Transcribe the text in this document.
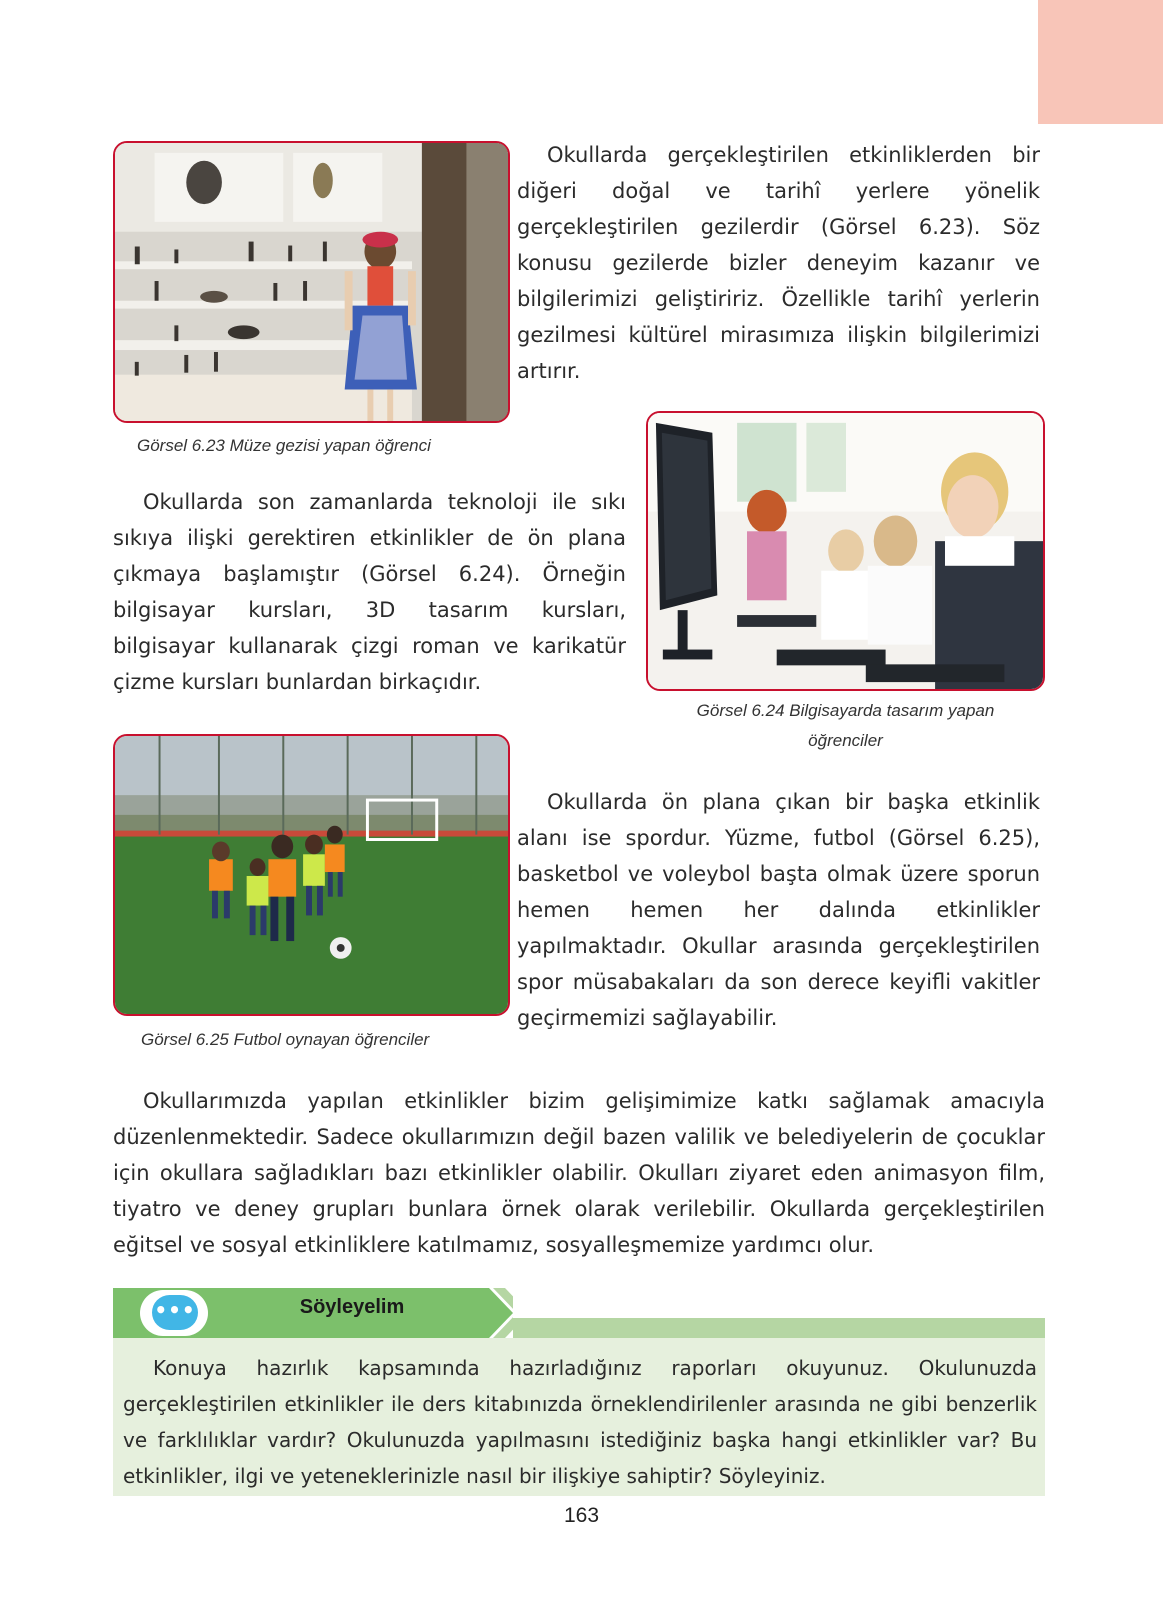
Okullarda gerçekleştirilen etkinliklerden bir diğeri doğal ve tarihî yerlere yönelik gerçekleştirilen gezilerdir (Görsel 6.23). Söz konusu gezilerde bizler deneyim kazanır ve bilgilerimizi geliştiririz. Özellikle tarihî yerlerin gezilmesi kültürel mirasımıza ilişkin bilgilerimizi artırır.

Görsel 6.23 Müze gezisi yapan öğrenci

Okullarda son zamanlarda teknoloji ile sıkı sıkıya ilişki gerektiren etkinlikler de ön plana çıkmaya başlamıştır (Görsel 6.24). Örneğin bilgisayar kursları, 3D tasarım kursları, bilgisayar kullanarak çizgi roman ve karikatür çizme kursları bunlardan birkaçıdır.

Görsel 6.24 Bilgisayarda tasarım yapan

öğrenciler

Okullarda ön plana çıkan bir başka etkinlik alanı ise spordur. Yüzme, futbol (Görsel 6.25), basketbol ve voleybol başta olmak üzere sporun hemen hemen her dalında etkinlikler yapılmaktadır. Okullar arasında gerçekleştirilen spor müsabakaları da son derece keyifli vakitler geçirmemizi sağlayabilir.

Görsel 6.25 Futbol oynayan öğrenciler

Okullarımızda yapılan etkinlikler bizim gelişimimize katkı sağlamak amacıyla düzenlenmektedir. Sadece okullarımızın değil bazen valilik ve belediyelerin de çocuklar için okullara sağladıkları bazı etkinlikler olabilir. Okulları ziyaret eden animasyon film, tiyatro ve deney grupları bunlara örnek olarak verilebilir. Okullarda gerçekleştirilen eğitsel ve sosyal etkinliklere katılmamız, sosyalleşmemize yardımcı olur.

•••	Söyleyelim

Konuya hazırlık kapsamında hazırladığınız raporları okuyunuz. Okulunuzda gerçekleştirilen etkinlikler ile ders kitabınızda örneklendirilenler arasında ne gibi benzerlik ve farklılıklar vardır? Okulunuzda yapılmasını istediğiniz başka hangi etkinlikler var? Bu etkinlikler, ilgi ve yeteneklerinizle nasıl bir ilişkiye sahiptir? Söyleyiniz.

163
